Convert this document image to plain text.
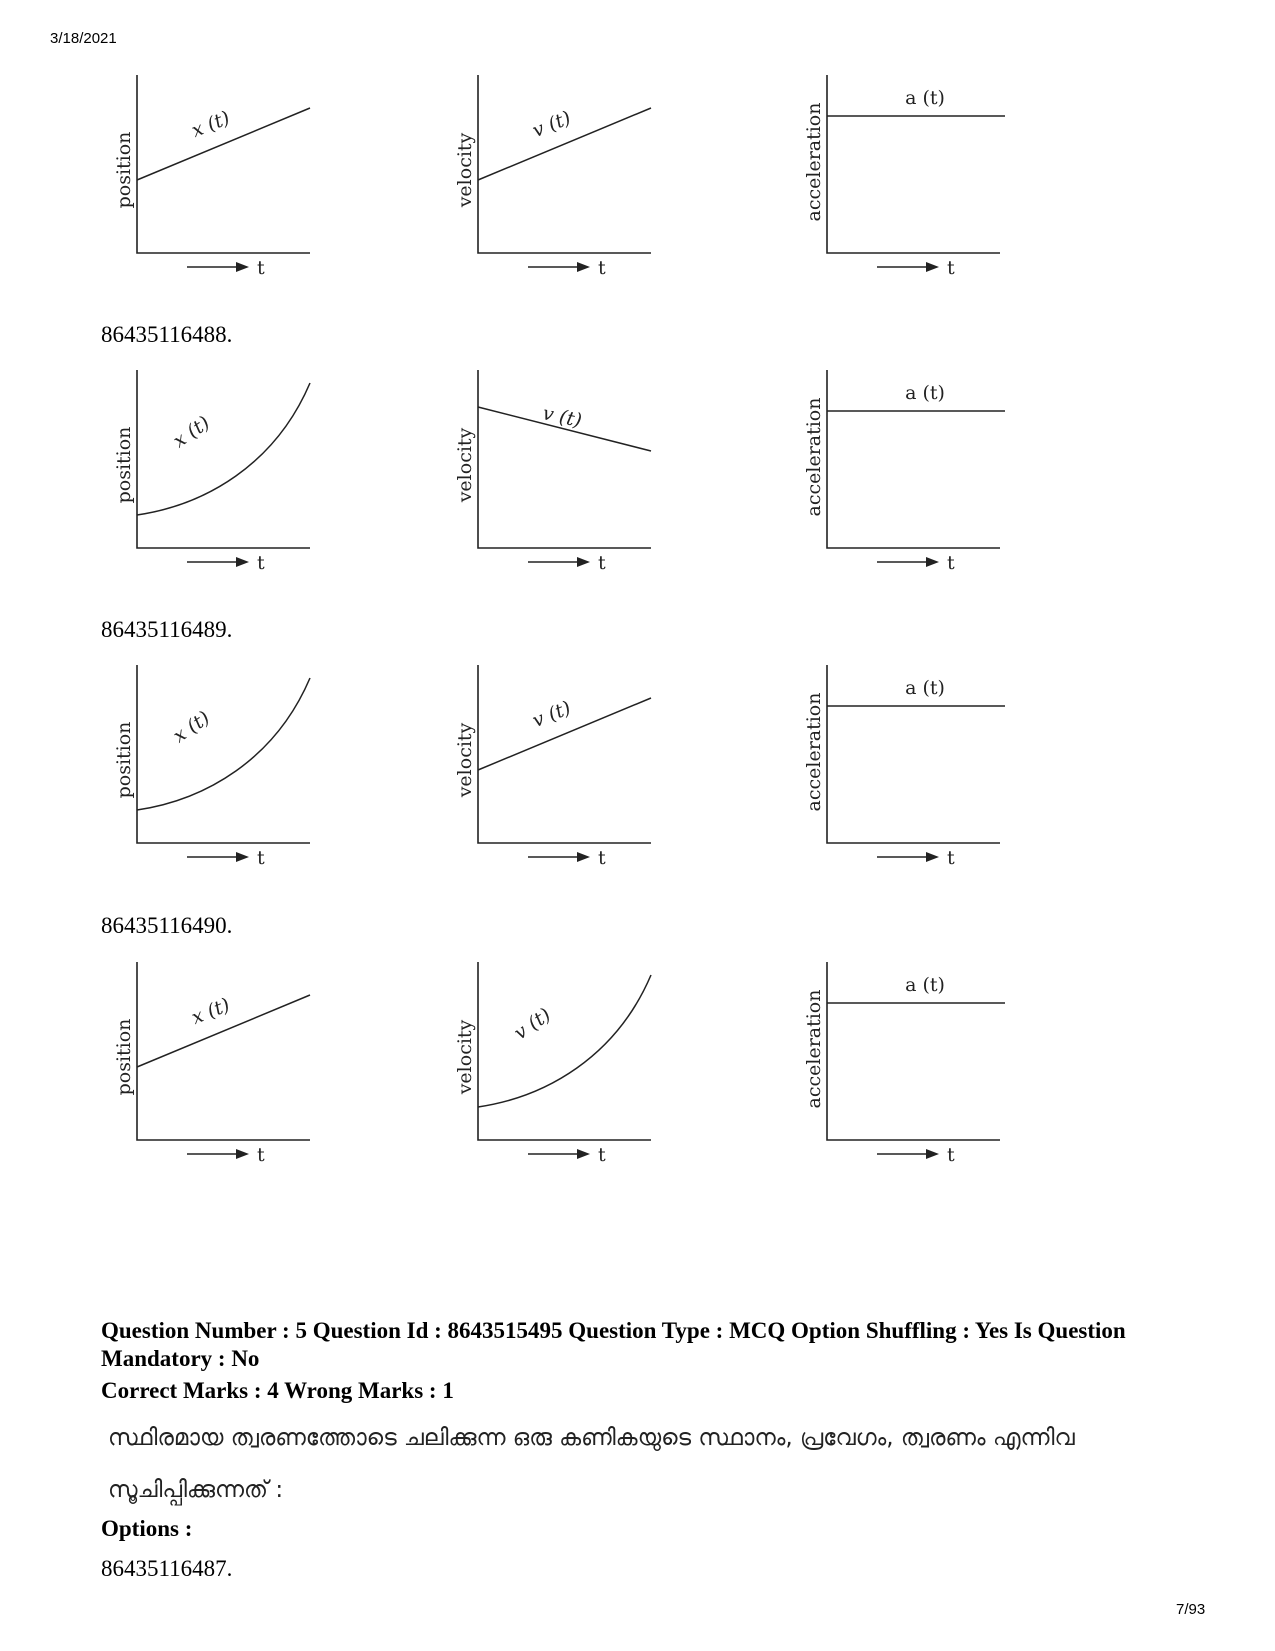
3/18/2021
86435116488.
86435116489.
86435116490.
Question Number : 5 Question Id : 8643515495 Question Type : MCQ Option Shuffling : Yes Is Question Mandatory : No
Correct Marks : 4 Wrong Marks : 1
സ്ഥിരമായ ത്വരണത്തോടെ ചലിക്കുന്ന ഒരു കണികയുടെ സ്ഥാനം, പ്രവേഗം, ത്വരണം എന്നിവ
സൂചിപ്പിക്കുന്നത് :
Options :
86435116487.
7/93
position
t
x (t)
velocity
t
v (t)	acceleration
t
a (t)
position
t
x (t)	velocity
t
v (t)	acceleration
t
a (t)
position
t
x (t)	velocity
t
v (t)	acceleration
t
a (t)
position
t
x (t)
velocity
t
v (t)	acceleration
t
a (t)
